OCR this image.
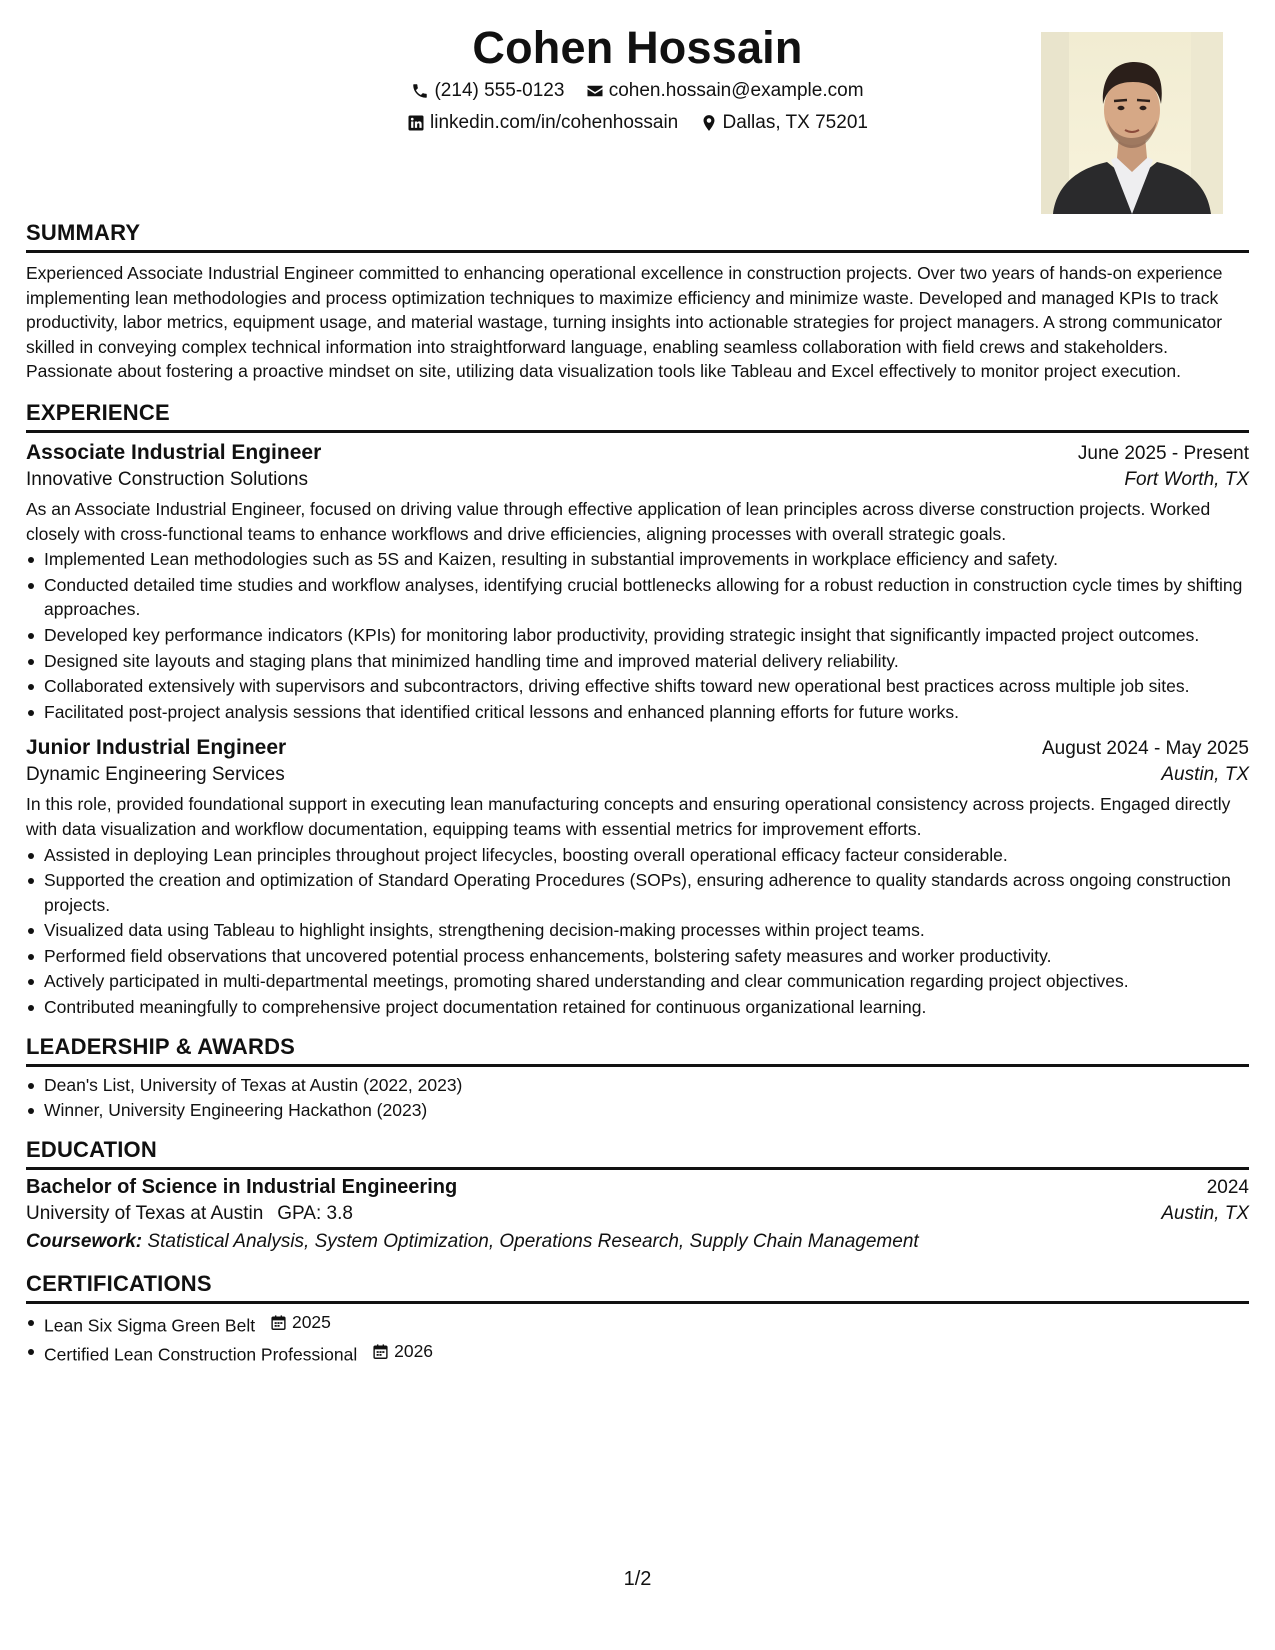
Cohen Hossain
(214) 555-0123
cohen.hossain@example.com
linkedin.com/in/cohenhossain
Dallas, TX 75201
SUMMARY
Experienced Associate Industrial Engineer committed to enhancing operational excellence in construction projects. Over two years of hands-on experience implementing lean methodologies and process optimization techniques to maximize efficiency and minimize waste. Developed and managed KPIs to track productivity, labor metrics, equipment usage, and material wastage, turning insights into actionable strategies for project managers. A strong communicator skilled in conveying complex technical information into straightforward language, enabling seamless collaboration with field crews and stakeholders. Passionate about fostering a proactive mindset on site, utilizing data visualization tools like Tableau and Excel effectively to monitor project execution.
EXPERIENCE
Associate Industrial Engineer	June 2025 - Present
Innovative Construction Solutions	Fort Worth, TX
As an Associate Industrial Engineer, focused on driving value through effective application of lean principles across diverse construction projects. Worked closely with cross-functional teams to enhance workflows and drive efficiencies, aligning processes with overall strategic goals.
Implemented Lean methodologies such as 5S and Kaizen, resulting in substantial improvements in workplace efficiency and safety.
Conducted detailed time studies and workflow analyses, identifying crucial bottlenecks allowing for a robust reduction in construction cycle times by shifting approaches.
Developed key performance indicators (KPIs) for monitoring labor productivity, providing strategic insight that significantly impacted project outcomes.
Designed site layouts and staging plans that minimized handling time and improved material delivery reliability.
Collaborated extensively with supervisors and subcontractors, driving effective shifts toward new operational best practices across multiple job sites.
Facilitated post-project analysis sessions that identified critical lessons and enhanced planning efforts for future works.
Junior Industrial Engineer	August 2024 - May 2025
Dynamic Engineering Services	Austin, TX
In this role, provided foundational support in executing lean manufacturing concepts and ensuring operational consistency across projects. Engaged directly with data visualization and workflow documentation, equipping teams with essential metrics for improvement efforts.
Assisted in deploying Lean principles throughout project lifecycles, boosting overall operational efficacy facteur considerable.
Supported the creation and optimization of Standard Operating Procedures (SOPs), ensuring adherence to quality standards across ongoing construction projects.
Visualized data using Tableau to highlight insights, strengthening decision-making processes within project teams.
Performed field observations that uncovered potential process enhancements, bolstering safety measures and worker productivity.
Actively participated in multi-departmental meetings, promoting shared understanding and clear communication regarding project objectives.
Contributed meaningfully to comprehensive project documentation retained for continuous organizational learning.
LEADERSHIP & AWARDS
Dean's List, University of Texas at Austin (2022, 2023)
Winner, University Engineering Hackathon (2023)
EDUCATION
Bachelor of Science in Industrial Engineering	2024
University of Texas at Austin GPA: 3.8	Austin, TX
Coursework: Statistical Analysis, System Optimization, Operations Research, Supply Chain Management
CERTIFICATIONS
Lean Six Sigma Green Belt 2025
Certified Lean Construction Professional 2026
1/2
